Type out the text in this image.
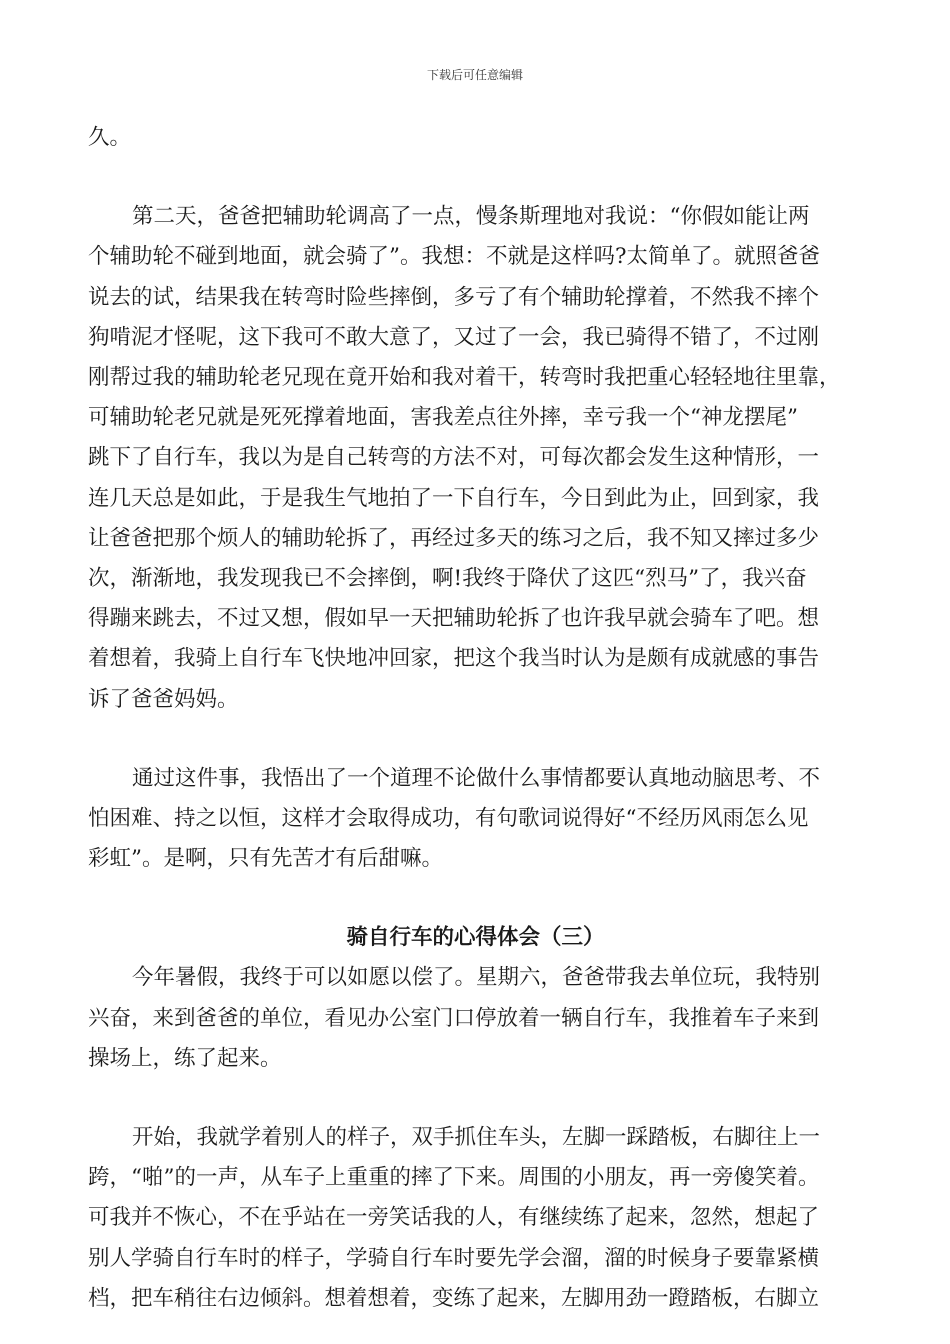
下载后可任意编辑

久。

第二天，爸爸把辅助轮调高了一点，慢条斯理地对我说：“你假如能让两
个辅助轮不碰到地面，就会骑了”。我想：不就是这样吗?太简单了。就照爸爸
说去的试，结果我在转弯时险些摔倒，多亏了有个辅助轮撑着，不然我不摔个
狗啃泥才怪呢，这下我可不敢大意了，又过了一会，我已骑得不错了，不过刚
刚帮过我的辅助轮老兄现在竟开始和我对着干，转弯时我把重心轻轻地往里靠，
可辅助轮老兄就是死死撑着地面，害我差点往外摔，幸亏我一个“神龙摆尾”
跳下了自行车，我以为是自己转弯的方法不对，可每次都会发生这种情形，一
连几天总是如此，于是我生气地拍了一下自行车，今日到此为止，回到家，我
让爸爸把那个烦人的辅助轮拆了，再经过多天的练习之后，我不知又摔过多少
次，渐渐地，我发现我已不会摔倒，啊!我终于降伏了这匹“烈马”了，我兴奋
得蹦来跳去，不过又想，假如早一天把辅助轮拆了也许我早就会骑车了吧。想
着想着，我骑上自行车飞快地冲回家，把这个我当时认为是颇有成就感的事告
诉了爸爸妈妈。

通过这件事，我悟出了一个道理不论做什么事情都要认真地动脑思考、不
怕困难、持之以恒，这样才会取得成功，有句歌词说得好“不经历风雨怎么见
彩虹”。是啊，只有先苦才有后甜嘛。

骑自行车的心得体会（三）

今年暑假，我终于可以如愿以偿了。星期六，爸爸带我去单位玩，我特别
兴奋，来到爸爸的单位，看见办公室门口停放着一辆自行车，我推着车子来到
操场上，练了起来。

开始，我就学着别人的样子，双手抓住车头，左脚一踩踏板，右脚往上一
跨，“啪”的一声，从车子上重重的摔了下来。周围的小朋友，再一旁傻笑着。
可我并不恢心，不在乎站在一旁笑话我的人，有继续练了起来，忽然，想起了
别人学骑自行车时的样子，学骑自行车时要先学会溜，溜的时候身子要靠紧横
档，把车稍往右边倾斜。想着想着，变练了起来，左脚用劲一蹬踏板，右脚立
